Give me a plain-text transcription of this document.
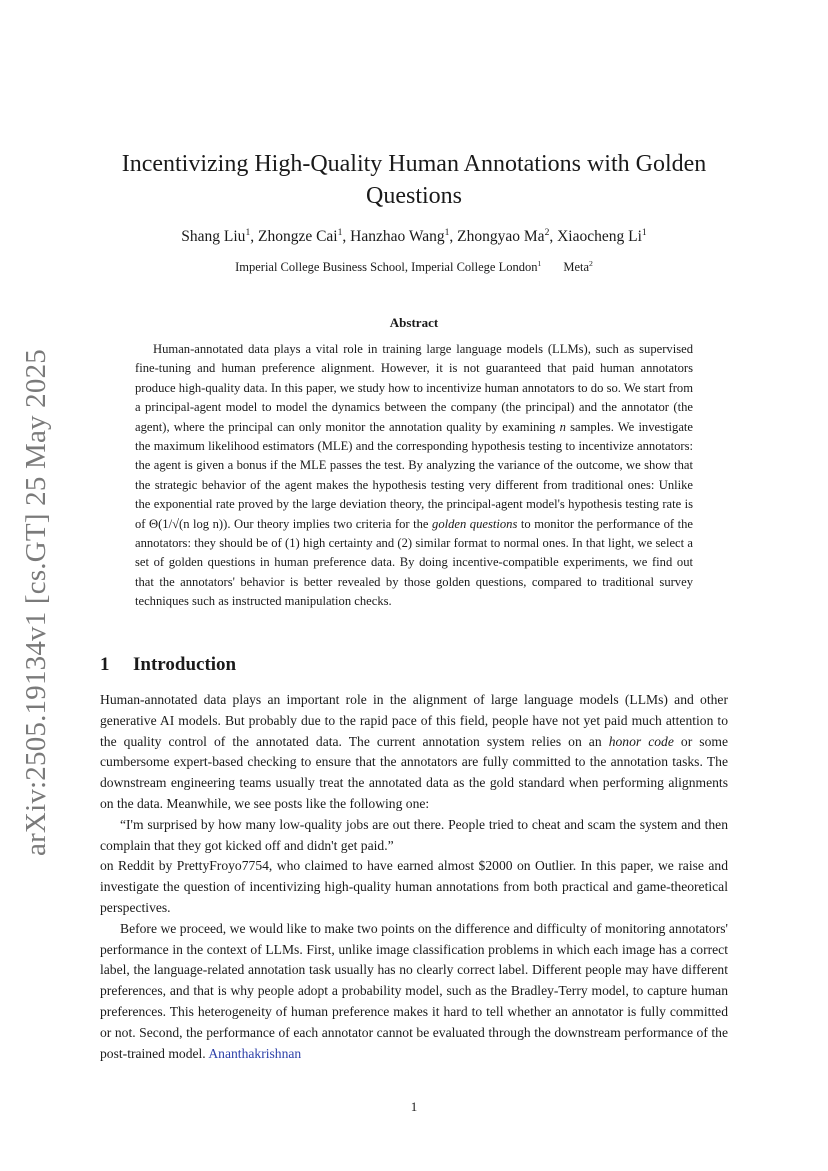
arXiv:2505.19134v1 [cs.GT] 25 May 2025
Incentivizing High-Quality Human Annotations with Golden Questions
Shang Liu$^1$, Zhongze Cai$^1$, Hanzhao Wang$^1$, Zhongyao Ma$^2$, Xiaocheng Li$^1$
Imperial College Business School, Imperial College London$^1$ Meta$^2$
Abstract

Human-annotated data plays a vital role in training large language models (LLMs), such as supervised fine-tuning and human preference alignment. However, it is not guaranteed that paid human annotators produce high-quality data. In this paper, we study how to incentivize human annotators to do so. We start from a principal-agent model to model the dynamics between the company (the principal) and the annotator (the agent), where the principal can only monitor the annotation quality by examining n samples. We investigate the maximum likelihood estimators (MLE) and the corresponding hypothesis testing to incentivize annotators: the agent is given a bonus if the MLE passes the test. By analyzing the variance of the outcome, we show that the strategic behavior of the agent makes the hypothesis testing very different from traditional ones: Unlike the exponential rate proved by the large deviation theory, the principal-agent model's hypothesis testing rate is of Θ(1/√(n log n)). Our theory implies two criteria for the golden questions to monitor the performance of the annotators: they should be of (1) high certainty and (2) similar format to normal ones. In that light, we select a set of golden questions in human preference data. By doing incentive-compatible experiments, we find out that the annotators' behavior is better revealed by those golden questions, compared to traditional survey techniques such as instructed manipulation checks.

1 Introduction

Human-annotated data plays an important role in the alignment of large language models (LLMs) and other generative AI models. But probably due to the rapid pace of this field, people have not yet paid much attention to the quality control of the annotated data. The current annotation system relies on an honor code or some cumbersome expert-based checking to ensure that the annotators are fully committed to the annotation tasks. The downstream engineering teams usually treat the annotated data as the gold standard when performing alignments on the data. Meanwhile, we see posts like the following one:

“I'm surprised by how many low-quality jobs are out there. People tried to cheat and scam the system and then complain that they got kicked off and didn't get paid.”

on Reddit by PrettyFroyo7754, who claimed to have earned almost $2000 on Outlier. In this paper, we raise and investigate the question of incentivizing high-quality human annotations from both practical and game-theoretical perspectives.

Before we proceed, we would like to make two points on the difference and difficulty of monitoring annotators' performance in the context of LLMs. First, unlike image classification problems in which each image has a correct label, the language-related annotation task usually has no clearly correct label. Different people may have different preferences, and that is why people adopt a probability model, such as the Bradley-Terry model, to capture human preferences. This heterogeneity of human preference makes it hard to tell whether an annotator is fully committed or not. Second, the performance of each annotator cannot be evaluated through the downstream performance of the post-trained model. Ananthakrishnan

1
